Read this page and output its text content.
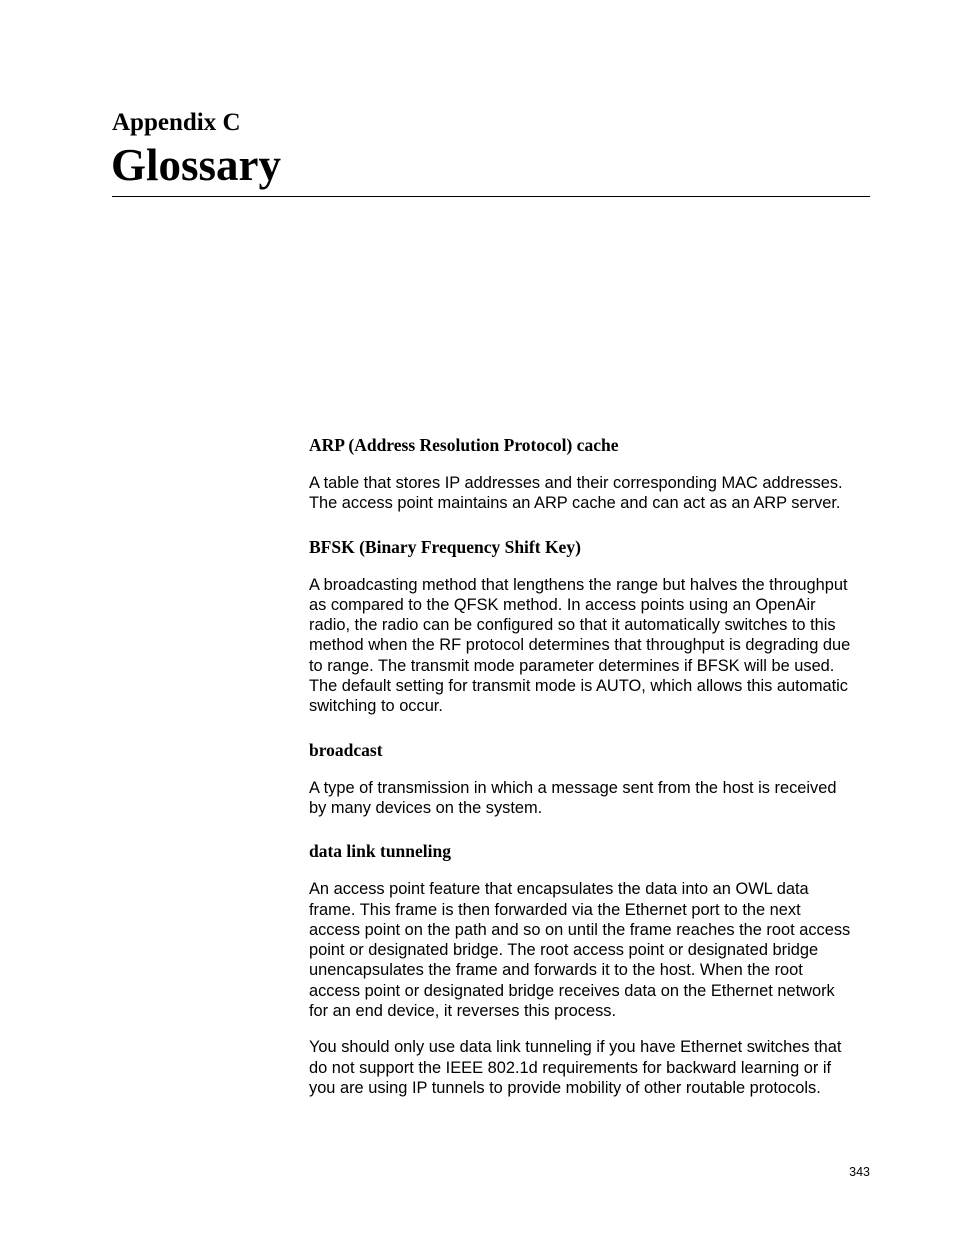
Appendix C
Glossary
ARP (Address Resolution Protocol) cache

A table that stores IP addresses and their corresponding MAC addresses.
The access point maintains an ARP cache and can act as an ARP server.

BFSK (Binary Frequency Shift Key)

A broadcasting method that lengthens the range but halves the throughput
as compared to the QFSK method. In access points using an OpenAir
radio, the radio can be configured so that it automatically switches to this
method when the RF protocol determines that throughput is degrading due
to range. The transmit mode parameter determines if BFSK will be used.
The default setting for transmit mode is AUTO, which allows this automatic
switching to occur.

broadcast

A type of transmission in which a message sent from the host is received
by many devices on the system.

data link tunneling

An access point feature that encapsulates the data into an OWL data
frame. This frame is then forwarded via the Ethernet port to the next
access point on the path and so on until the frame reaches the root access
point or designated bridge. The root access point or designated bridge
unencapsulates the frame and forwards it to the host. When the root
access point or designated bridge receives data on the Ethernet network
for an end device, it reverses this process.

You should only use data link tunneling if you have Ethernet switches that
do not support the IEEE 802.1d requirements for backward learning or if
you are using IP tunnels to provide mobility of other routable protocols.

343
